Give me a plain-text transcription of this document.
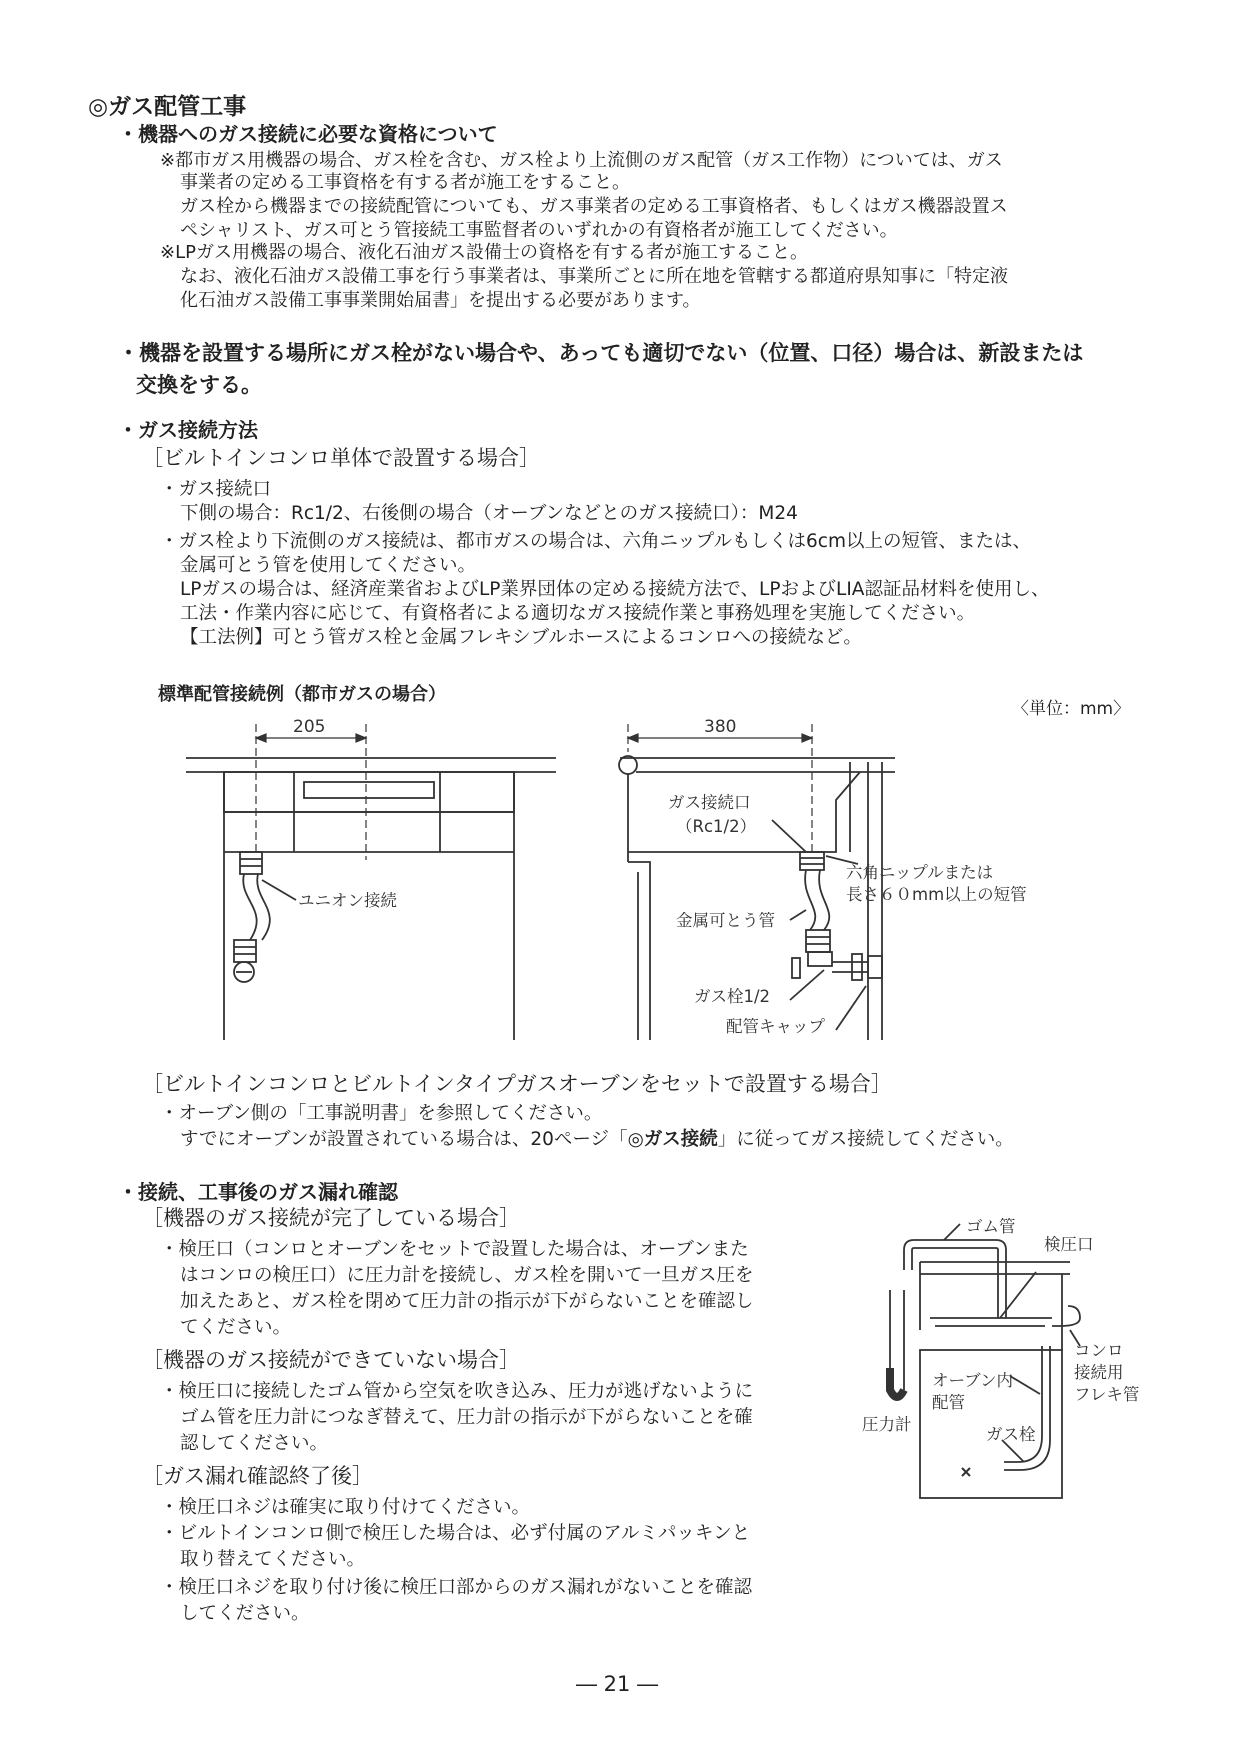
◎ガス配管工事
・機器へのガス接続に必要な資格について
※都市ガス用機器の場合、ガス栓を含む、ガス栓より上流側のガス配管（ガス工作物）については、ガス
事業者の定める工事資格を有する者が施工をすること。
ガス栓から機器までの接続配管についても、ガス事業者の定める工事資格者、もしくはガス機器設置ス
ペシャリスト、ガス可とう管接続工事監督者のいずれかの有資格者が施工してください。
※LPガス用機器の場合、液化石油ガス設備士の資格を有する者が施工すること。
なお、液化石油ガス設備工事を行う事業者は、事業所ごとに所在地を管轄する都道府県知事に「特定液
化石油ガス設備工事事業開始届書」を提出する必要があります。
・機器を設置する場所にガス栓がない場合や、あっても適切でない（位置、口径）場合は、新設または
交換をする。
・ガス接続方法
［ビルトインコンロ単体で設置する場合］
・ガス接続口
下側の場合：Rc1/2、右後側の場合（オーブンなどとのガス接続口）：M24
・ガス栓より下流側のガス接続は、都市ガスの場合は、六角ニップルもしくは6cm以上の短管、または、
金属可とう管を使用してください。
LPガスの場合は、経済産業省およびLP業界団体の定める接続方法で、LPおよびLIA認証品材料を使用し、
工法・作業内容に応じて、有資格者による適切なガス接続作業と事務処理を実施してください。
【工法例】可とう管ガス栓と金属フレキシブルホースによるコンロへの接続など。
標準配管接続例（都市ガスの場合）
〈単位：mm〉
205	380
ユニオン接続
ガス接続口
（Rc1/2）
六角ニップルまたは
長さ６０mm以上の短管
金属可とう管
ガス栓1/2
配管キャップ
［ビルトインコンロとビルトインタイプガスオーブンをセットで設置する場合］
・オーブン側の「工事説明書」を参照してください。
すでにオーブンが設置されている場合は、20ページ「◎ガス接続」に従ってガス接続してください。
・接続、工事後のガス漏れ確認
［機器のガス接続が完了している場合］
・検圧口（コンロとオーブンをセットで設置した場合は、オーブンまた
はコンロの検圧口）に圧力計を接続し、ガス栓を開いて一旦ガス圧を
加えたあと、ガス栓を閉めて圧力計の指示が下がらないことを確認し
てください。
［機器のガス接続ができていない場合］
・検圧口に接続したゴム管から空気を吹き込み、圧力が逃げないように
ゴム管を圧力計につなぎ替えて、圧力計の指示が下がらないことを確
認してください。
［ガス漏れ確認終了後］
・検圧口ネジは確実に取り付けてください。
・ビルトインコンロ側で検圧した場合は、必ず付属のアルミパッキンと
取り替えてください。
・検圧口ネジを取り付け後に検圧口部からのガス漏れがないことを確認
してください。
ゴム管
検圧口
コンロ
接続用
フレキ管
オーブン内
配管
圧力計
ガス栓
― 21 ―
